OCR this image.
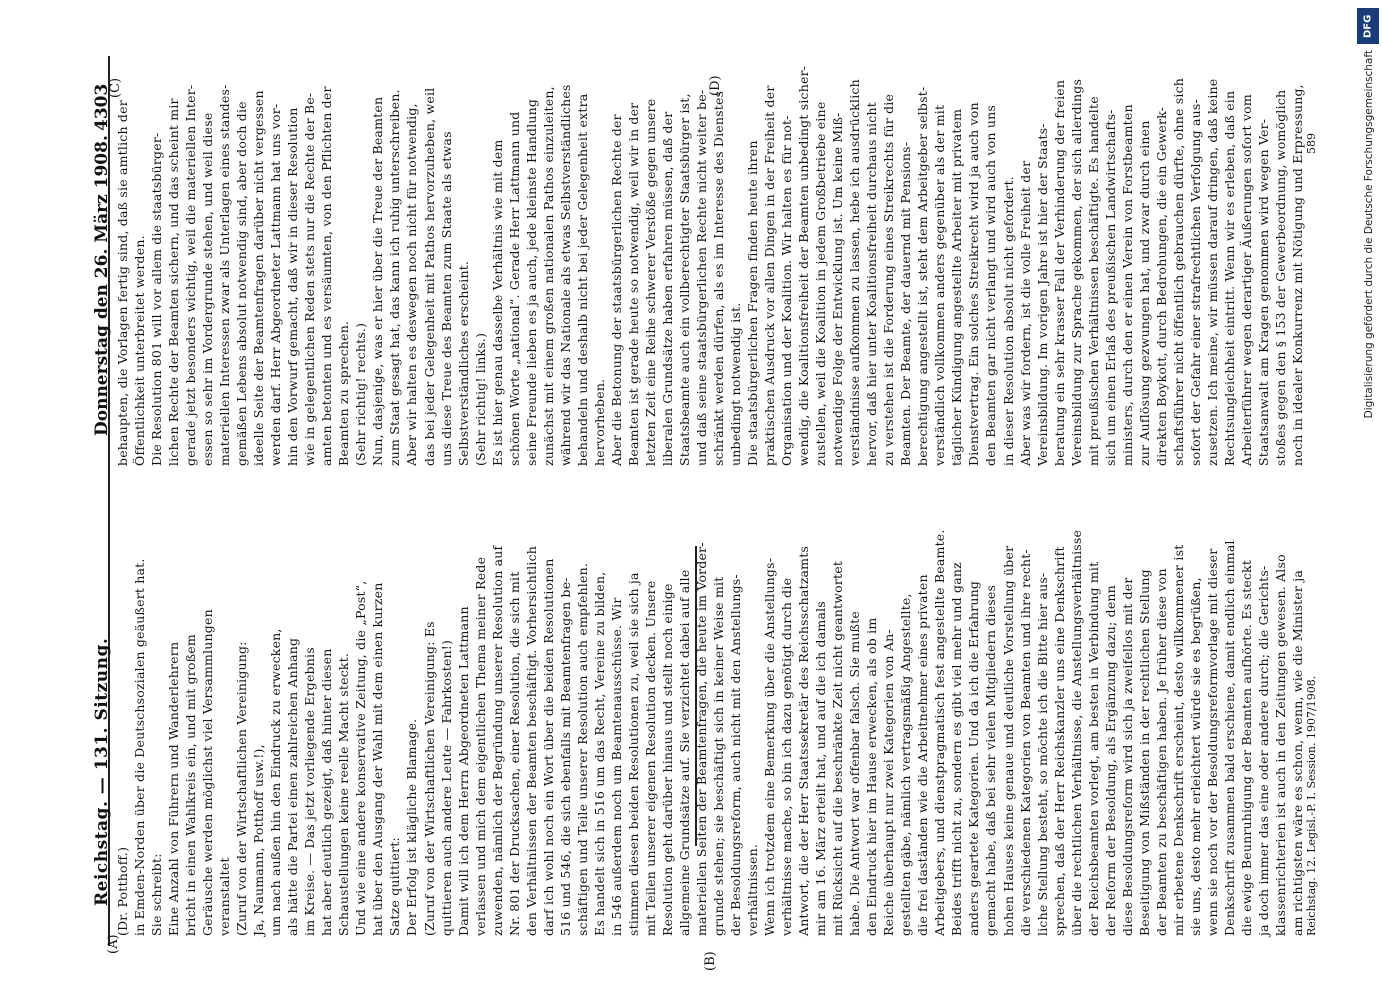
Reichstag. — 131. Sitzung.
Donnerstag den 26. März 1908.
4303
(A)
(B)
(C)	(D)
(Dr. Potthoff.) in Emden-Norden über die Deutschsozialen geäußert hat. Sie schreibt: Eine Anzahl von Führern und Wanderlehrern bricht in einen Wahlkreis ein, und mit großem Geräusche werden möglichst viel Versammlungen veranstaltet (Zuruf von der Wirtschaftlichen Vereinigung: Ja, Naumann, Potthoff usw.!), um nach außen hin den Eindruck zu erwecken, als hätte die Partei einen zahlreichen Anhang im Kreise. — Das jetzt vorliegende Ergebnis hat aber deutlich gezeigt, daß hinter diesen Schaustellungen keine reelle Macht steckt. Und wie eine andere konservative Zeitung, die „Post“, hat über den Ausgang der Wahl mit dem einen kurzen Satze quittiert: Der Erfolg ist klägliche Blamage. (Zuruf von der Wirtschaftlichen Vereinigung: Es quittieren auch andere Leute — Fahrkosten!) Damit will ich dem Herrn Abgeordneten Lattmann verlassen und mich dem eigentlichen Thema meiner Rede zuwenden, nämlich der Begründung unserer Resolution auf Nr. 801 der Drucksachen, einer Resolution, die sich mit den Verhältnissen der Beamten beschäftigt. Vorhersichtlich darf ich wohl noch ein Wort über die beiden Resolutionen 516 und 546, die sich ebenfalls mit Beamtenfragen be- schäftigen und Teile unserer Resolution auch empfehlen. Es handelt sich in 516 um das Recht, Vereine zu bilden, in 546 außerdem noch um Beamtenausschüsse. Wir stimmen diesen beiden Resolutionen zu, weil sie sich ja mit Teilen unserer eigenen Resolution decken. Unsere Resolution geht darüber hinaus und stellt noch einige allgemeine Grundsätze auf. Sie verzichtet dabei auf alle materiellen Seiten der Beamtenfragen, die heute im Vorder- grunde stehen; sie beschäftigt sich in keiner Weise mit der Besoldungsreform, auch nicht mit den Anstellungs- verhältnissen. Wenn ich trotzdem eine Bemerkung über die Anstellungs- verhältnisse mache, so bin ich dazu genötigt durch die Antwort, die der Herr Staatssekretär des Reichsschatzamts mir am 16. März erteilt hat, und auf die ich damals mit Rücksicht auf die beschränkte Zeit nicht geantwortet habe. Die Antwort war offenbar falsch. Sie mußte den Eindruck hier im Hause erwecken, als ob im Reiche überhaupt nur zwei Kategorien von An- gestellten gäbe, nämlich vertragsmäßig Angestellte, die frei daständen wie die Arbeitnehmer eines privaten Arbeitgebers, und dienstpragmatisch fest angestellte Beamte. Beides trifft nicht zu, sondern es gibt viel mehr und ganz anders geartete Kategorien. Und da ich die Erfahrung gemacht habe, daß bei sehr vielen Mitgliedern dieses hohen Hauses keine genaue und deutliche Vorstellung über die verschiedenen Kategorien von Beamten und ihre recht- liche Stellung besteht, so möchte ich die Bitte hier aus- sprechen, daß der Herr Reichskanzler uns eine Denkschrift über die rechtlichen Verhältnisse, die Anstellungsverhältnisse der Reichsbeamten vorlegt, am besten in Verbindung mit der Reform der Besoldung, als Ergänzung dazu; denn diese Besoldungsreform wird sich ja zweifellos mit der Beseitigung von Mißständen in der rechtlichen Stellung der Beamten zu beschäftigen haben. Je früher diese von mir erbetene Denkschrift erscheint, desto willkommener ist sie uns, desto mehr erleichtert würde sie es begrüßen, wenn sie noch vor der Besoldungsreformvorlage mit dieser Denkschrift zusammen bald erschiene, damit endlich einmal die ewige Beunruhigung der Beamten aufhörte. Es steckt ja doch immer das eine oder andere durch; die Gerichts- klassenrichterien ist auch in den Zeitungen gewesen. Also am richtigsten wäre es schon, wenn, wie die Minister ja
behaupten, die Vorlagen fertig sind, daß sie amtlich der Öffentlichkeit unterbreitet werden. Die Resolution 801 will vor allem die staatsbürger- lichen Rechte der Beamten sichern, und das scheint mir gerade jetzt besonders wichtig, weil die materiellen Inter- essen so sehr im Vordergrunde stehen, und weil diese materiellen Interessen zwar als Unterlagen eines standes- gemäßen Lebens absolut notwendig sind, aber doch die ideelle Seite der Beamtenfragen darüber nicht vergessen werden darf. Herr Abgeordneter Lattmann hat uns vor- hin den Vorwurf gemacht, daß wir in dieser Resolution wie in gelegentlichen Reden stets nur die Rechte der Be- amten betonten und es versäumten, von den Pflichten der Beamten zu sprechen. (Sehr richtig! rechts.) Nun, dasjenige, was er hier über die Treue der Beamten zum Staat gesagt hat, das kann ich ruhig unterschreiben. Aber wir halten es deswegen noch nicht für notwendig, das bei jeder Gelegenheit mit Pathos hervorzuheben, weil uns diese Treue des Beamten zum Staate als etwas Selbstverständliches erscheint. (Sehr richtig! links.) Es ist hier genau dasselbe Verhältnis wie mit dem schönen Worte „national“. Gerade Herr Lattmann und seine Freunde lieben es ja auch, jede kleinste Handlung zunächst mit einem großen nationalen Pathos einzuleiten, während wir das Nationale als etwas Selbstverständliches behandeln und deshalb nicht bei jeder Gelegenheit extra hervorheben. Aber die Betonung der staatsbürgerlichen Rechte der Beamten ist gerade heute so notwendig, weil wir in der letzten Zeit eine Reihe schwerer Verstöße gegen unsere liberalen Grundsätze haben erfahren müssen, daß der Staatsbeamte auch ein vollberechtigter Staatsbürger ist, und daß seine staatsbürgerlichen Rechte nicht weiter be- schränkt werden dürfen, als es im Interesse des Dienstes unbedingt notwendig ist. Die staatsbürgerlichen Fragen finden heute ihren praktischen Ausdruck vor allen Dingen in der Freiheit der Organisation und der Koalition. Wir halten es für not- wendig, die Koalitionsfreiheit der Beamten unbedingt sicher- zustellen, weil die Koalition in jedem Großbetriebe eine notwendige Folge der Entwicklung ist. Um keine Miß- verständnisse aufkommen zu lassen, hebe ich ausdrücklich hervor, daß hier unter Koalitionsfreiheit durchaus nicht zu verstehen ist die Forderung eines Streikrechts für die Beamten. Der Beamte, der dauernd mit Pensions- berechtigung angestellt ist, steht dem Arbeitgeber selbst- verständlich vollkommen anders gegenüber als der mit täglicher Kündigung angestellte Arbeiter mit privatem Dienstvertrag. Ein solches Streikrecht wird ja auch von den Beamten gar nicht verlangt und wird auch von uns in dieser Resolution absolut nicht gefordert. Aber was wir fordern, ist die volle Freiheit der Vereinsbildung. Im vorigen Jahre ist hier der Staats- beratung ein sehr krasser Fall der Verhinderung der freien Vereinsbildung zur Sprache gekommen, der sich allerdings mit preußischen Verhältnissen beschäftigte. Es handelte sich um einen Erlaß des preußischen Landwirtschafts- ministers, durch den er einen Verein von Forstbeamten zur Auflösung gezwungen hat, und zwar durch einen direkten Boykott, durch Bedrohungen, die ein Gewerk- schaftsführer nicht öffentlich gebrauchen dürfte, ohne sich sofort der Gefahr einer strafrechtlichen Verfolgung aus- zusetzen. Ich meine, wir müssen darauf dringen, daß keine Rechtsungleichheit eintritt. Wenn wir es erleben, daß ein Arbeiterführer wegen derartiger Äußerungen sofort vom Staatsanwalt am Kragen genommen wird wegen Ver- stoßes gegen den § 153 der Gewerbeordnung, womöglich noch in idealer Konkurrenz mit Nötigung und Erpressung,
Reichstag. 12. Legisl.-P. I. Session. 1907/1908.
589
DFG
Digitalisierung gefördert durch die Deutsche Forschungsgemeinschaft
